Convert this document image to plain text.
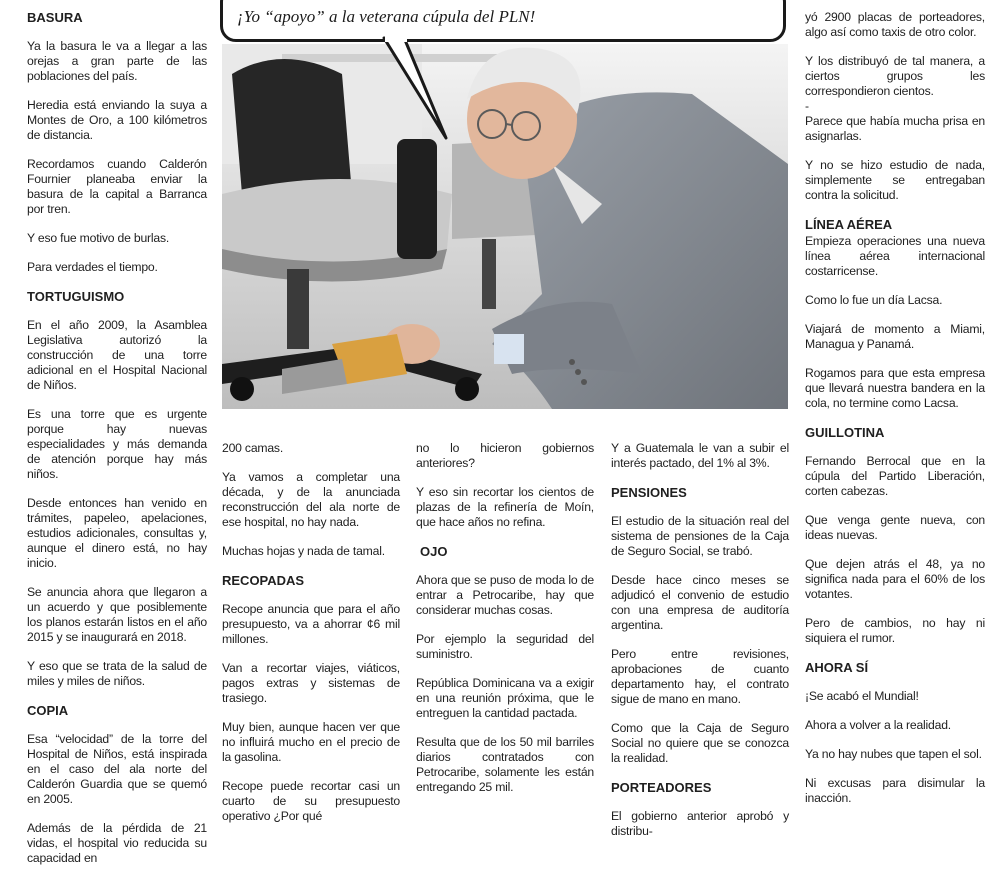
BASURA

Ya la basura le va a llegar a las orejas a gran parte de las poblaciones del país.

Heredia está enviando la suya a Montes de Oro, a 100 kilómetros de distancia.

Recordamos cuando Calderón Fournier planeaba enviar la basura de la capital a Barranca por tren.

Y eso fue motivo de burlas.

Para verdades el tiempo.

TORTUGUISMO

En el año 2009, la Asamblea Legislativa autorizó la construcción de una torre adicional en el Hospital Nacional de Niños.

Es una torre que es urgente porque hay nuevas especialidades y más demanda de atención porque hay más niños.

Desde entonces han venido en trámites, papeleo, apelaciones, estudios adicionales, consultas y, aunque el dinero está, no hay inicio.

Se anuncia ahora que llegaron a un acuerdo y que posiblemente los planos estarán listos en el año 2015 y se inaugurará en 2018.

Y eso que se trata de la salud de miles y miles de niños.

COPIA

Esa “velocidad” de la torre del Hospital de Niños, está inspirada en el caso del ala norte del Calderón Guardia que se quemó en 2005.

Además de la pérdida de 21 vidas, el hospital vio reducida su capacidad en

¡Yo “apoyo” a la veterana cúpula del PLN!

200 camas.

Ya vamos a completar una década, y de la anunciada reconstrucción del ala norte de ese hospital, no hay nada.

Muchas hojas y nada de tamal.

RECOPADAS

Recope anuncia que para el año presupuesto, va a ahorrar ¢6 mil millones.

Van a recortar viajes, viáticos, pagos extras y sistemas de trasiego.

Muy bien, aunque hacen ver que no influirá mucho en el precio de la gasolina.

Recope puede recortar casi un cuarto de su presupuesto operativo ¿Por qué

no lo hicieron gobiernos anteriores?

Y eso sin recortar los cientos de plazas de la refinería de Moín, que hace años no refina.

OJO

Ahora que se puso de moda lo de entrar a Petrocaribe, hay que considerar muchas cosas.

Por ejemplo la seguridad del suministro.

República Dominicana va a exigir en una reunión próxima, que le entreguen la cantidad pactada.

Resulta que de los 50 mil barriles diarios contratados con Petrocaribe, solamente les están entregando 25 mil.

Y a Guatemala le van a subir el interés pactado, del 1% al 3%.

PENSIONES

El estudio de la situación real del sistema de pensiones de la Caja de Seguro Social, se trabó.

Desde hace cinco meses se adjudicó el convenio de estudio con una empresa de auditoría argentina.

Pero entre revisiones, aprobaciones de cuanto departamento hay, el contrato sigue de mano en mano.

Como que la Caja de Seguro Social no quiere que se conozca la realidad.

PORTEADORES

El gobierno anterior aprobó y distribu-

yó 2900 placas de porteadores, algo así como taxis de otro color.

Y los distribuyó de tal manera, a ciertos grupos les correspondieron cientos.

-

Parece que había mucha prisa en asignarlas.

Y no se hizo estudio de nada, simplemente se entregaban contra la solicitud.

LÍNEA AÉREA

Empieza operaciones una nueva línea aérea internacional costarricense.

Como lo fue un día Lacsa.

Viajará de momento a Miami, Managua y Panamá.

Rogamos para que esta empresa que llevará nuestra bandera en la cola, no termine como Lacsa.

GUILLOTINA

Fernando Berrocal que en la cúpula del Partido Liberación, corten cabezas.

Que venga gente nueva, con ideas nuevas.

Que dejen atrás el 48, ya no significa nada para el 60% de los votantes.

Pero de cambios, no hay ni siquiera el rumor.

AHORA SÍ

¡Se acabó el Mundial!

Ahora a volver a la realidad.

Ya no hay nubes que tapen el sol.

Ni excusas para disimular la inacción.
